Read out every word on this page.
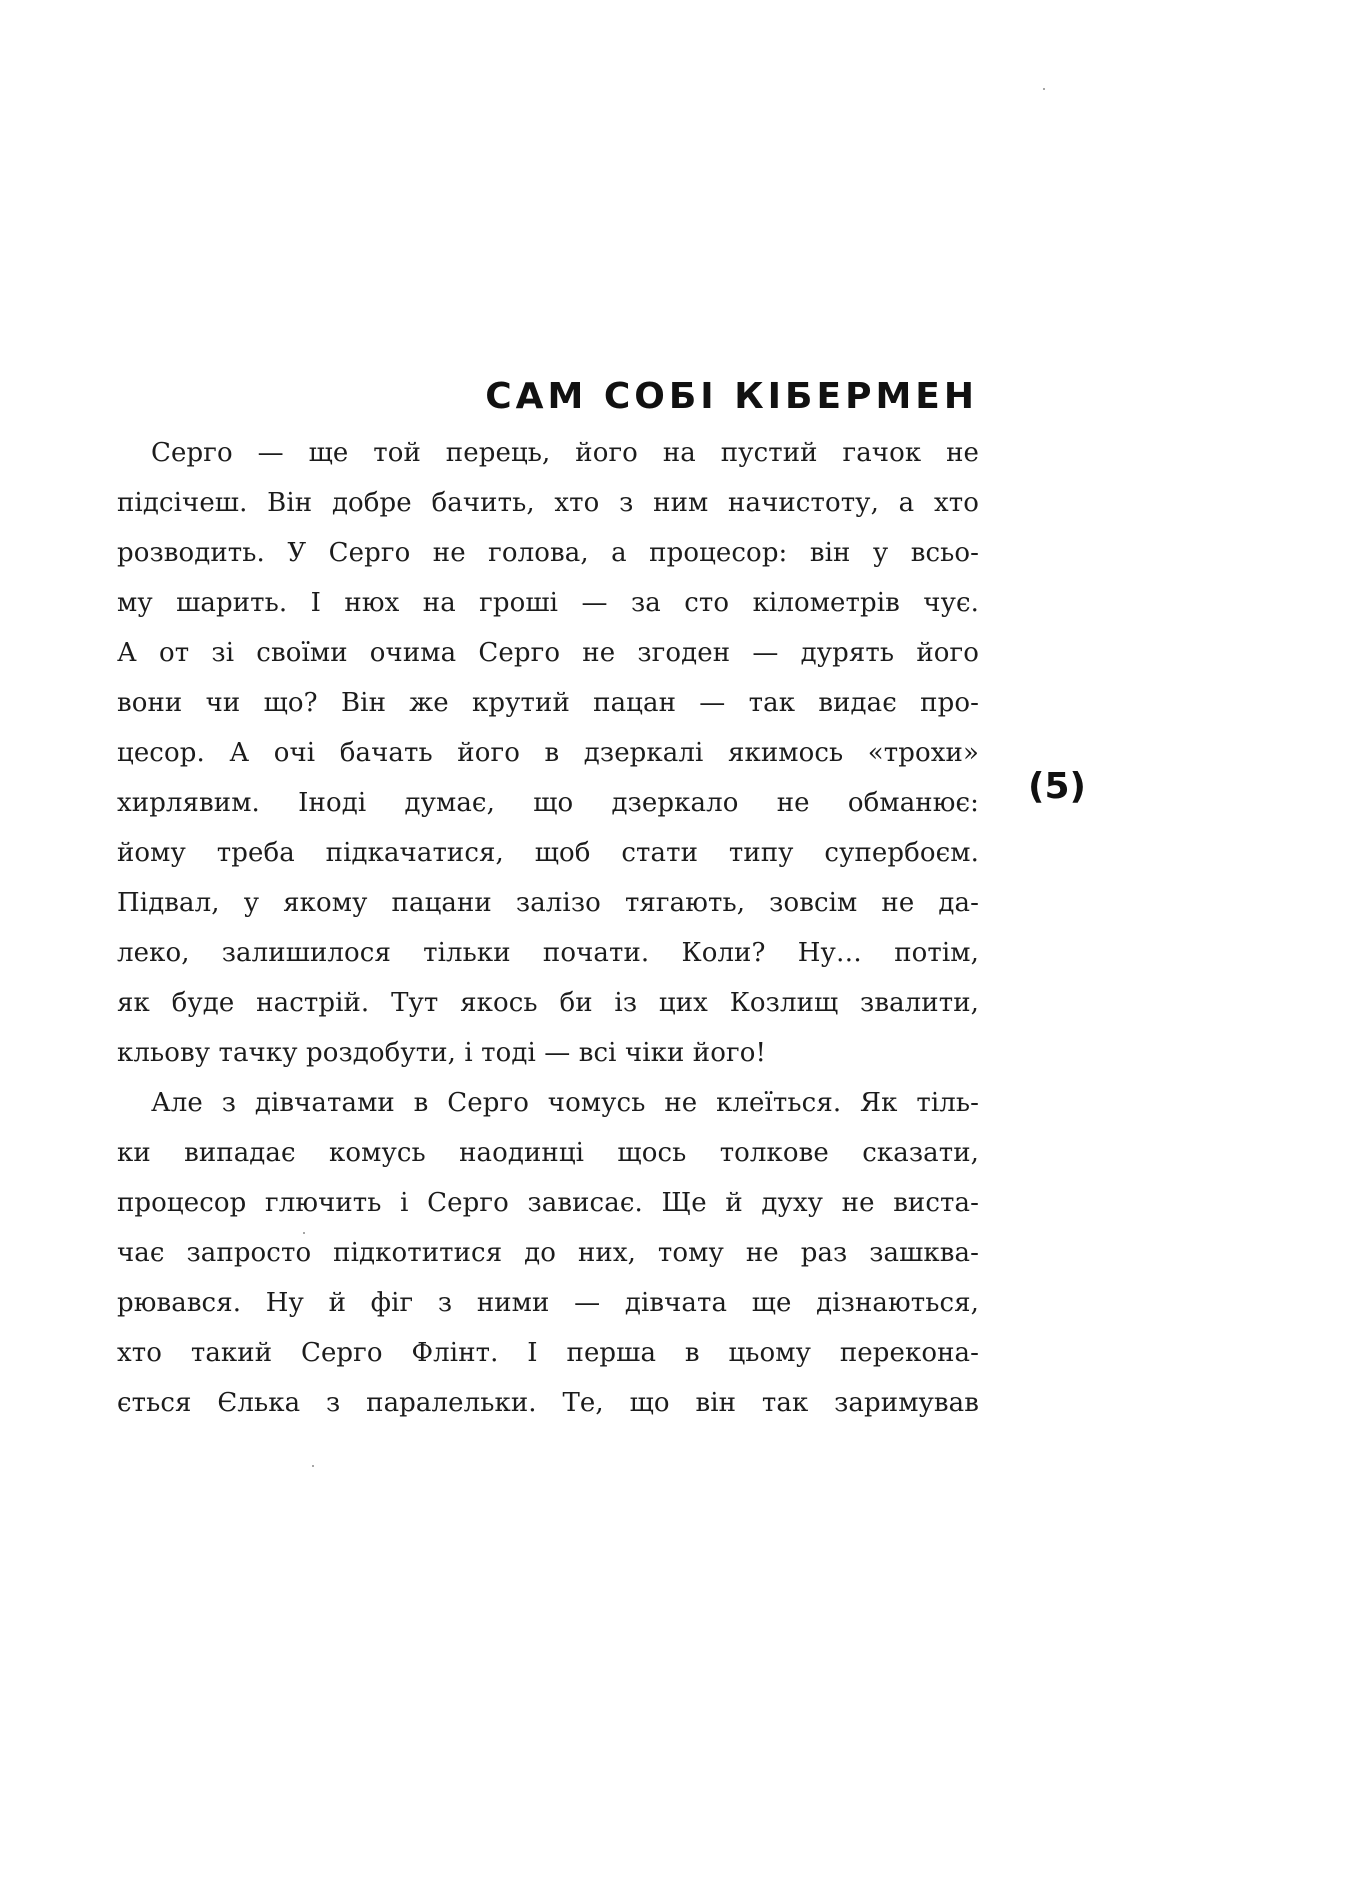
САМ СОБІ КІБЕРМЕН
Серго — ще той перець, його на пустий гачок не
підсічеш. Він добре бачить, хто з ним начистоту, а хто
розводить. У Серго не голова, а процесор: він у всьо-
му шарить. І нюх на гроші — за сто кілометрів чує.
А от зі своїми очима Серго не згоден — дурять його
вони чи що? Він же крутий пацан — так видає про-
цесор. А очі бачать його в дзеркалі якимось «трохи»
хирлявим. Іноді думає, що дзеркало не обманює:
йому треба підкачатися, щоб стати типу супербоєм.
Підвал, у якому пацани залізо тягають, зовсім не да-
леко, залишилося тільки почати. Коли? Ну… потім,
як буде настрій. Тут якось би із цих Козлищ звалити,
кльову тачку роздобути, і тоді — всі чіки його!
Але з дівчатами в Серго чомусь не клеїться. Як тіль-
ки випадає комусь наодинці щось толкове сказати,
процесор глючить і Серго зависає. Ще й духу не виста-
чає запросто підкотитися до них, тому не раз зашква-
рювався. Ну й фіг з ними — дівчата ще дізнаються,
хто такий Серго Флінт. І перша в цьому переконa-
ється Єлька з паралельки. Те, що він так заримував
(5)
